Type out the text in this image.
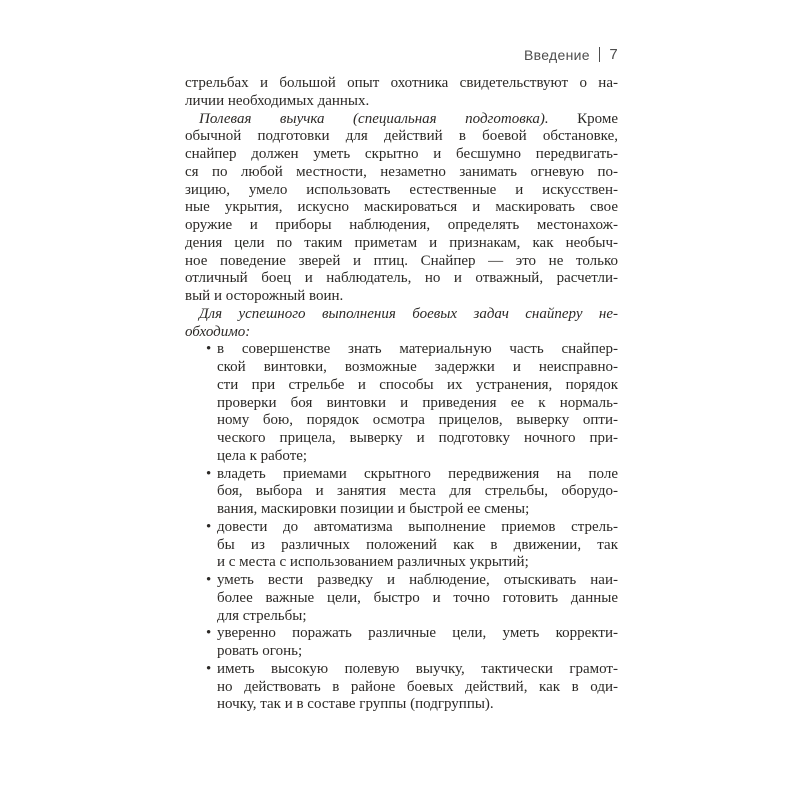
Введение 7
стрельбах и большой опыт охотника свидетельствуют о на-
личии необходимых данных.
Полевая выучка (специальная подготовка). Кроме
обычной подготовки для действий в боевой обстановке,
снайпер должен уметь скрытно и бесшумно передвигать-
ся по любой местности, незаметно занимать огневую по-
зицию, умело использовать естественные и искусствен-
ные укрытия, искусно маскироваться и маскировать свое
оружие и приборы наблюдения, определять местонахож-
дения цели по таким приметам и признакам, как необыч-
ное поведение зверей и птиц. Снайпер — это не только
отличный боец и наблюдатель, но и отважный, расчетли-
вый и осторожный воин.
Для успешного выполнения боевых задач снайперу не-
обходимо:
• в совершенстве знать материальную часть снайпер-
ской винтовки, возможные задержки и неисправно-
сти при стрельбе и способы их устранения, порядок
проверки боя винтовки и приведения ее к нормаль-
ному бою, порядок осмотра прицелов, выверку опти-
ческого прицела, выверку и подготовку ночного при-
цела к работе;
• владеть приемами скрытного передвижения на поле
боя, выбора и занятия места для стрельбы, оборудо-
вания, маскировки позиции и быстрой ее смены;
• довести до автоматизма выполнение приемов стрель-
бы из различных положений как в движении, так
и с места с использованием различных укрытий;
• уметь вести разведку и наблюдение, отыскивать наи-
более важные цели, быстро и точно готовить данные
для стрельбы;
• уверенно поражать различные цели, уметь корректи-
ровать огонь;
• иметь высокую полевую выучку, тактически грамот-
но действовать в районе боевых действий, как в оди-
ночку, так и в составе группы (подгруппы).
